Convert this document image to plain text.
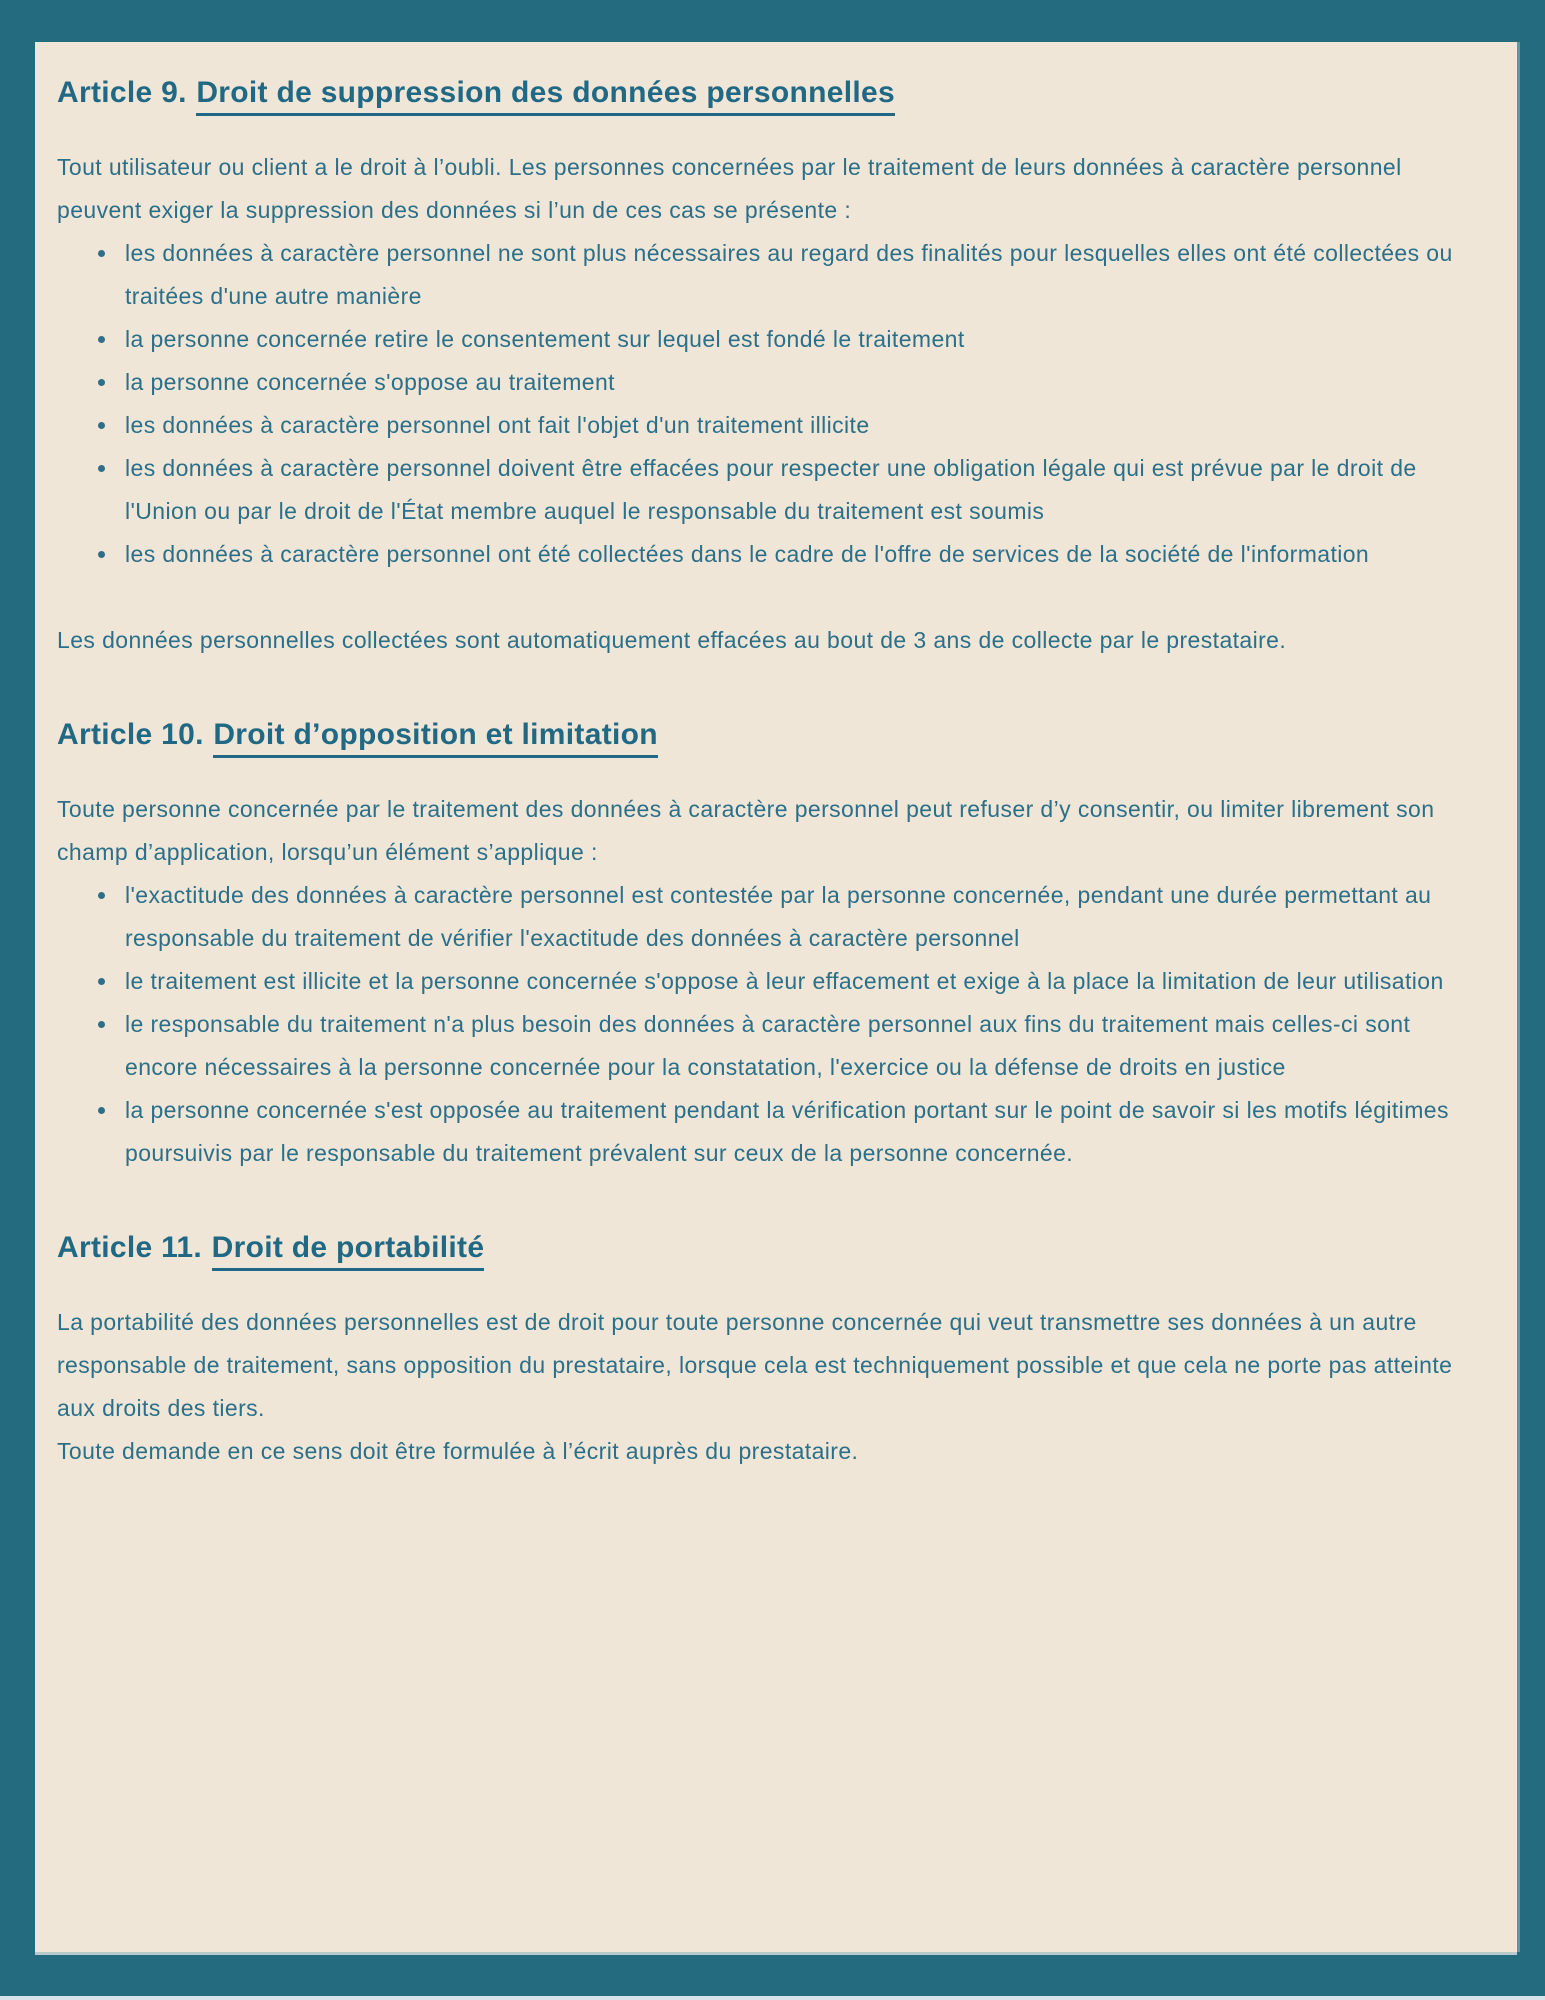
Article 9. Droit de suppression des données personnelles

Tout utilisateur ou client a le droit à l’oubli. Les personnes concernées par le traitement de leurs données à caractère personnel peuvent exiger la suppression des données si l’un de ces cas se présente :

• les données à caractère personnel ne sont plus nécessaires au regard des finalités pour lesquelles elles ont été collectées ou traitées d'une autre manière
• la personne concernée retire le consentement sur lequel est fondé le traitement
• la personne concernée s'oppose au traitement
• les données à caractère personnel ont fait l'objet d'un traitement illicite
• les données à caractère personnel doivent être effacées pour respecter une obligation légale qui est prévue par le droit de l'Union ou par le droit de l'État membre auquel le responsable du traitement est soumis
• les données à caractère personnel ont été collectées dans le cadre de l'offre de services de la société de l'information

Les données personnelles collectées sont automatiquement effacées au bout de 3 ans de collecte par le prestataire.

Article 10. Droit d’opposition et limitation

Toute personne concernée par le traitement des données à caractère personnel peut refuser d’y consentir, ou limiter librement son champ d’application, lorsqu’un élément s’applique :

• l'exactitude des données à caractère personnel est contestée par la personne concernée, pendant une durée permettant au responsable du traitement de vérifier l'exactitude des données à caractère personnel
• le traitement est illicite et la personne concernée s'oppose à leur effacement et exige à la place la limitation de leur utilisation
• le responsable du traitement n'a plus besoin des données à caractère personnel aux fins du traitement mais celles-ci sont encore nécessaires à la personne concernée pour la constatation, l'exercice ou la défense de droits en justice
• la personne concernée s'est opposée au traitement pendant la vérification portant sur le point de savoir si les motifs légitimes poursuivis par le responsable du traitement prévalent sur ceux de la personne concernée.
Article 11. Droit de portabilité

La portabilité des données personnelles est de droit pour toute personne concernée qui veut transmettre ses données à un autre responsable de traitement, sans opposition du prestataire, lorsque cela est techniquement possible et que cela ne porte pas atteinte aux droits des tiers.

Toute demande en ce sens doit être formulée à l’écrit auprès du prestataire.
